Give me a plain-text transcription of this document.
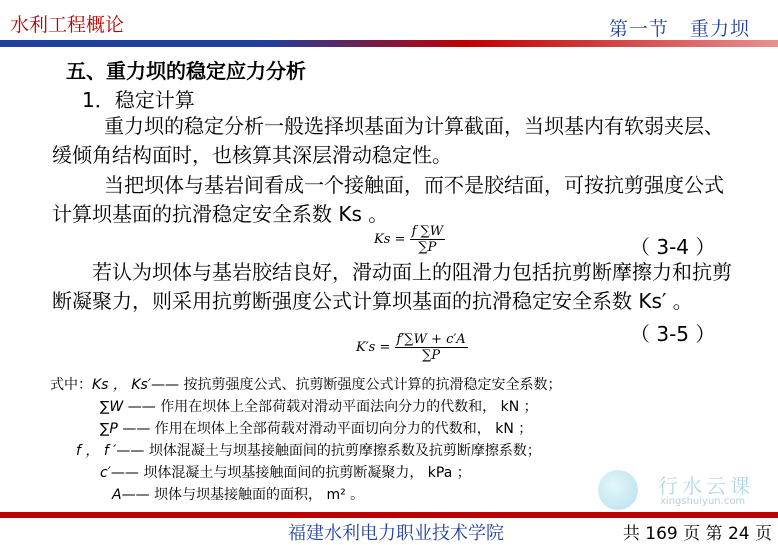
水利工程概论	第一节 重力坝
五、重力坝的稳定应力分析
1．稳定计算
重力坝的稳定分析一般选择坝基面为计算截面，当坝基内有软弱夹层、缓倾角结构面时，也核算其深层滑动稳定性。
当把坝体与基岩间看成一个接触面，而不是胶结面，可按抗剪强度公式计算坝基面的抗滑稳定安全系数 Ks 。
$Ks = \frac{f \sum W}{\sum P}$	（ 3-4 ）
若认为坝体与基岩胶结良好，滑动面上的阻滑力包括抗剪断摩擦力和抗剪断凝聚力，则采用抗剪断强度公式计算坝基面的抗滑稳定安全系数 Ks′ 。
$K's = \frac{f'\sum W + c'A}{\sum P}$	（ 3-5 ）
式中：Ks ， Ks′—— 按抗剪强度公式、抗剪断强度公式计算的抗滑稳定安全系数；
∑W —— 作用在坝体上全部荷载对滑动平面法向分力的代数和， kN ；
∑P —— 作用在坝体上全部荷载对滑动平面切向分力的代数和， kN ；
f ， f ′—— 坝体混凝土与坝基接触面间的抗剪摩擦系数及抗剪断摩擦系数；
c′—— 坝体混凝土与坝基接触面间的抗剪断凝聚力， kPa ；
A—— 坝体与坝基接触面的面积， m² 。	行水云课
xingshuiyun.com
福建水利电力职业技术学院	共 169 页 第 24 页
